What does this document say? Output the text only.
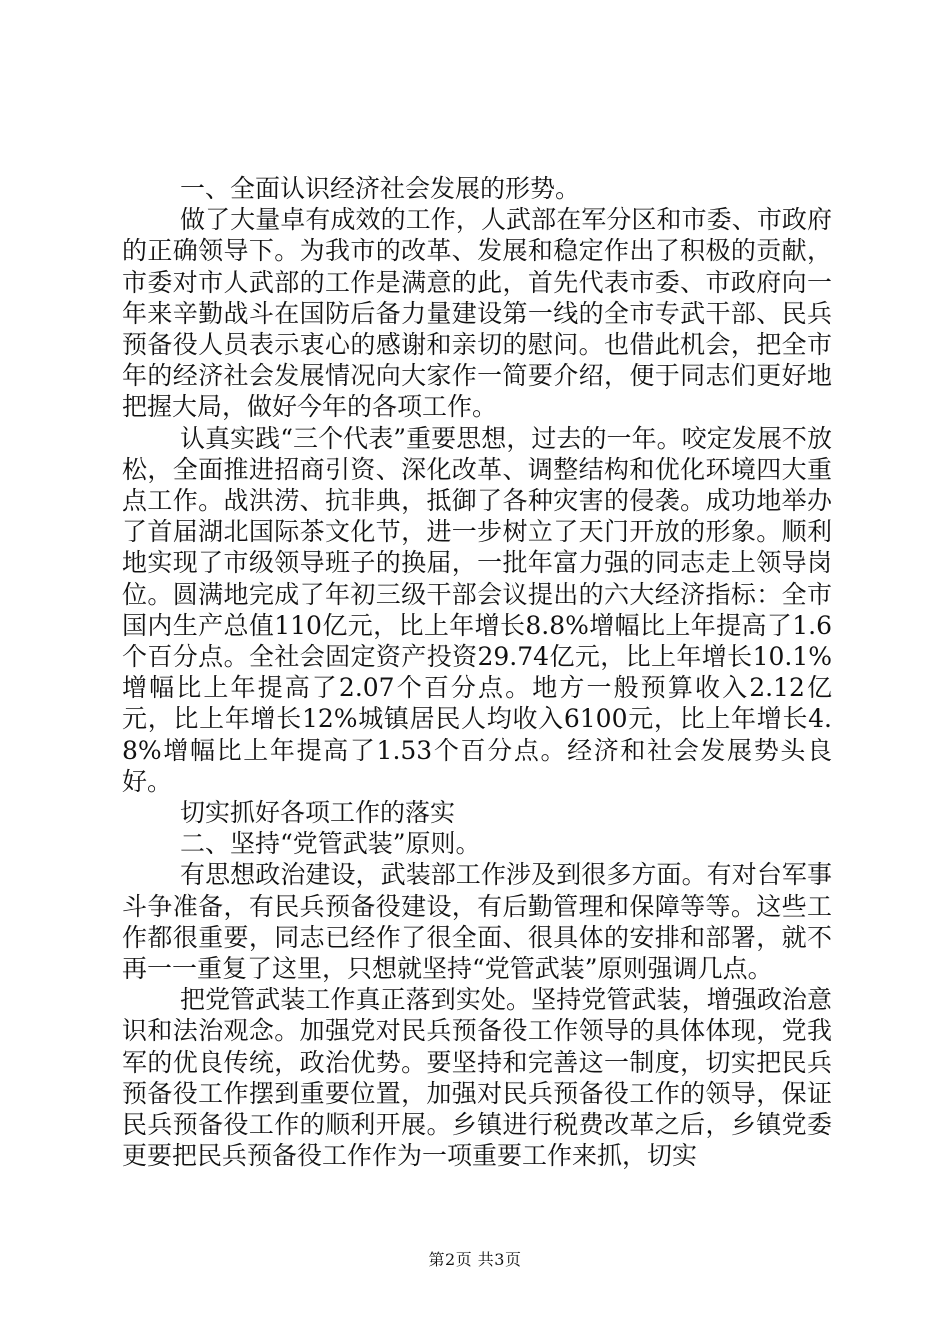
一、全面认识经济社会发展的形势。

做了大量卓有成效的工作，人武部在军分区和市委、市政府的正确领导下。为我市的改革、发展和稳定作出了积极的贡献，市委对市人武部的工作是满意的此，首先代表市委、市政府向一年来辛勤战斗在国防后备力量建设第一线的全市专武干部、民兵预备役人员表示衷心的感谢和亲切的慰问。也借此机会，把全市年的经济社会发展情况向大家作一简要介绍，便于同志们更好地把握大局，做好今年的各项工作。

认真实践“三个代表”重要思想，过去的一年。咬定发展不放松，全面推进招商引资、深化改革、调整结构和优化环境四大重点工作。战洪涝、抗非典，抵御了各种灾害的侵袭。成功地举办了首届湖北国际茶文化节，进一步树立了天门开放的形象。顺利地实现了市级领导班子的换届，一批年富力强的同志走上领导岗位。圆满地完成了年初三级干部会议提出的六大经济指标：全市国内生产总值110亿元，比上年增长8.8%增幅比上年提高了1.6个百分点。全社会固定资产投资29.74亿元，比上年增长10.1%增幅比上年提高了2.07个百分点。地方一般预算收入2.12亿元，比上年增长12%城镇居民人均收入6100元，比上年增长4.8%增幅比上年提高了1.53个百分点。经济和社会发展势头良好。

切实抓好各项工作的落实

二、坚持“党管武装”原则。

有思想政治建设，武装部工作涉及到很多方面。有对台军事斗争准备，有民兵预备役建设，有后勤管理和保障等等。这些工作都很重要，同志已经作了很全面、很具体的安排和部署，就不再一一重复了这里，只想就坚持“党管武装”原则强调几点。

把党管武装工作真正落到实处。坚持党管武装，增强政治意识和法治观念。加强党对民兵预备役工作领导的具体体现，党我军的优良传统，政治优势。要坚持和完善这一制度，切实把民兵预备役工作摆到重要位置，加强对民兵预备役工作的领导，保证民兵预备役工作的顺利开展。乡镇进行税费改革之后，乡镇党委更要把民兵预备役工作作为一项重要工作来抓，切实

第2页 共3页
